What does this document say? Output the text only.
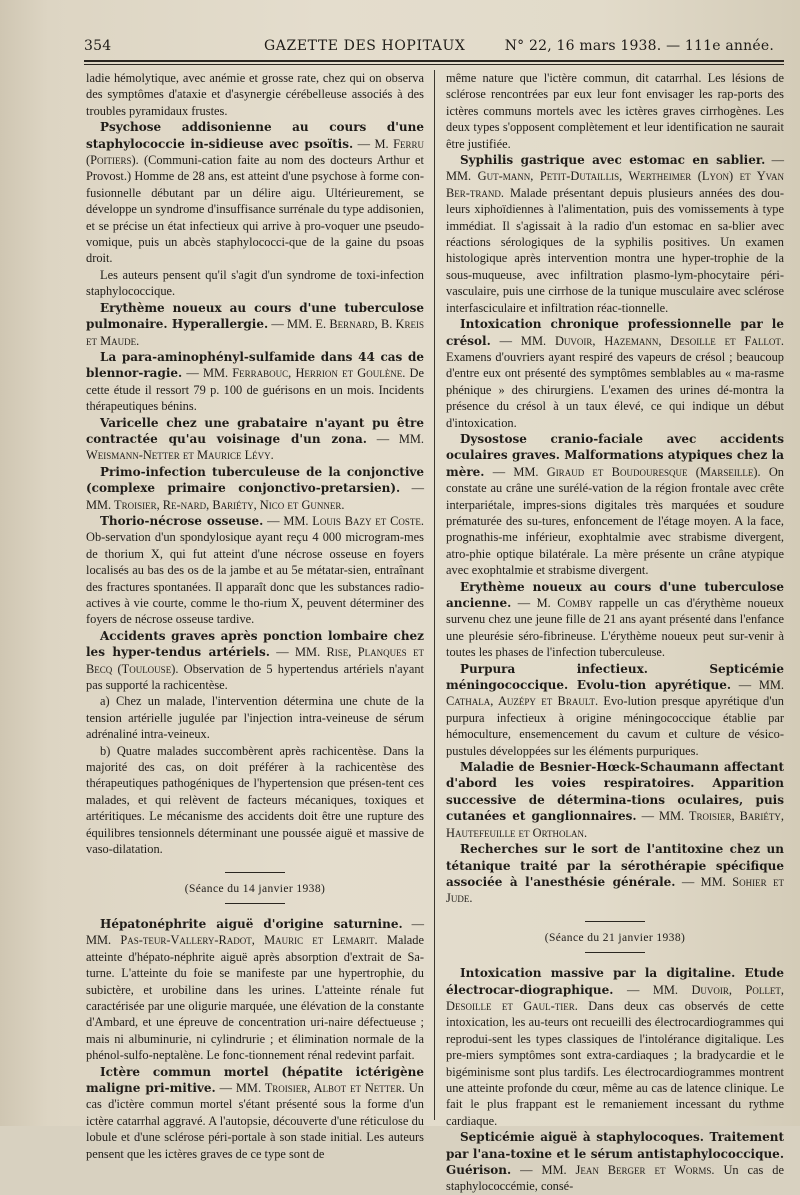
354	GAZETTE DES HOPITAUX	N° 22, 16 mars 1938. — 111e année.

ladie hémolytique, avec anémie et grosse rate, chez qui on observa des symptômes d'ataxie et d'asynergie cérébelleuse associés à des troubles pyramidaux frustes.

Psychose addisonienne au cours d'une staphylococcie in-sidieuse avec psoïtis. — M. Ferru (Poitiers). (Communi-cation faite au nom des docteurs Arthur et Provost.) Homme de 28 ans, est atteint d'une psychose à forme con-fusionnelle débutant par un délire aigu. Ultérieurement, se développe un syndrome d'insuffisance surrénale du type addisonien, et se précise un état infectieux qui arrive à pro-voquer une pseudo-vomique, puis un abcès staphylococci-que de la gaine du psoas droit.

Les auteurs pensent qu'il s'agit d'un syndrome de toxi-infection staphylococcique.

Erythème noueux au cours d'une tuberculose pulmonaire. Hyperallergie. — MM. E. Bernard, B. Kreis et Maude.

La para-aminophényl-sulfamide dans 44 cas de blennor-ragie. — MM. Ferrabouc, Herrion et Goulène. De cette étude il ressort 79 p. 100 de guérisons en un mois. Incidents thérapeutiques bénins.

Varicelle chez une grabataire n'ayant pu être contractée qu'au voisinage d'un zona. — MM. Weismann-Netter et Maurice Lévy.

Primo-infection tuberculeuse de la conjonctive (complexe primaire conjonctivo-pretarsien). — MM. Troisier, Re-nard, Bariéty, Nico et Gunner.

Thorio-nécrose osseuse. — MM. Louis Bazy et Coste. Ob-servation d'un spondylosique ayant reçu 4 000 microgram-mes de thorium X, qui fut atteint d'une nécrose osseuse en foyers localisés au bas des os de la jambe et au 5e métatar-sien, entraînant des fractures spontanées. Il apparaît donc que les substances radio-actives à vie courte, comme le tho-rium X, peuvent déterminer des foyers de nécrose osseuse tardive.

Accidents graves après ponction lombaire chez les hyper-tendus artériels. — MM. Rise, Planques et Becq (Toulouse). Observation de 5 hypertendus artériels n'ayant pas supporté la rachicentèse.

a) Chez un malade, l'intervention détermina une chute de la tension artérielle jugulée par l'injection intra-veineuse de sérum adrénaliné intra-veineux.

b) Quatre malades succombèrent après rachicentèse. Dans la majorité des cas, on doit préférer à la rachicentèse des thérapeutiques pathogéniques de l'hypertension que présen-tent ces malades, et qui relèvent de facteurs mécaniques, toxiques et artéritiques. Le mécanisme des accidents doit être une rupture des équilibres tensionnels déterminant une poussée aiguë et massive de vaso-dilatation.

(Séance du 14 janvier 1938)

Hépatonéphrite aiguë d'origine saturnine. — MM. Pas-teur-Vallery-Radot, Mauric et Lemarit. Malade atteinte d'hépato-néphrite aiguë après absorption d'extrait de Sa-turne. L'atteinte du foie se manifeste par une hypertrophie, du subictère, et urobiline dans les urines. L'atteinte rénale fut caractérisée par une oligurie marquée, une élévation de la constante d'Ambard, et une épreuve de concentration uri-naire défectueuse ; mais ni albuminurie, ni cylindrurie ; et élimination normale de la phénol-sulfo-neptalène. Le fonc-tionnement rénal redevint parfait.

Ictère commun mortel (hépatite ictérigène maligne pri-mitive. — MM. Troisier, Albot et Netter. Un cas d'ictère commun mortel s'étant présenté sous la forme d'un ictère catarrhal aggravé. A l'autopsie, découverte d'une réticulose du lobule et d'une sclérose péri-portale à son stade initial. Les auteurs pensent que les ictères graves de ce type sont de

même nature que l'ictère commun, dit catarrhal. Les lésions de sclérose rencontrées par eux leur font envisager les rap-ports des ictères communs mortels avec les ictères graves cirrhogènes. Les deux types s'opposent complètement et leur identification ne saurait être justifiée.

Syphilis gastrique avec estomac en sablier. — MM. Gut-mann, Petit-Dutaillis, Wertheimer (Lyon) et Yvan Ber-trand. Malade présentant depuis plusieurs années des dou-leurs xiphoïdiennes à l'alimentation, puis des vomissements à type immédiat. Il s'agissait à la radio d'un estomac en sa-blier avec réactions sérologiques de la syphilis positives. Un examen histologique après intervention montra une hyper-trophie de la sous-muqueuse, avec infiltration plasmo-lym-phocytaire péri-vasculaire, puis une cirrhose de la tunique musculaire avec sclérose interfasciculaire et infiltration réac-tionnelle.

Intoxication chronique professionnelle par le crésol. — MM. Duvoir, Hazemann, Desoille et Fallot. Examens d'ouvriers ayant respiré des vapeurs de crésol ; beaucoup d'entre eux ont présenté des symptômes semblables au « ma-rasme phénique » des chirurgiens. L'examen des urines dé-montra la présence du crésol à un taux élevé, ce qui indique un début d'intoxication.

Dysostose cranio-faciale avec accidents oculaires graves. Malformations atypiques chez la mère. — MM. Giraud et Boudouresque (Marseille). On constate au crâne une surélé-vation de la région frontale avec crête interpariétale, impres-sions digitales très marquées et soudure prématurée des su-tures, enfoncement de l'étage moyen. A la face, prognathis-me inférieur, exophtalmie avec strabisme divergent, atro-phie optique bilatérale. La mère présente un crâne atypique avec exophtalmie et strabisme divergent.

Erythème noueux au cours d'une tuberculose ancienne. — M. Comby rappelle un cas d'érythème noueux survenu chez une jeune fille de 21 ans ayant présenté dans l'enfance une pleurésie séro-fibrineuse. L'érythème noueux peut sur-venir à toutes les phases de l'infection tuberculeuse.

Purpura infectieux. Septicémie méningococcique. Evolu-tion apyrétique. — MM. Cathala, Auzépy et Brault. Evo-lution presque apyrétique d'un purpura infectieux à origine méningococcique établie par hémoculture, ensemencement du cavum et culture de vésico-pustules développées sur les éléments purpuriques.

Maladie de Besnier-Hœck-Schaumann affectant d'abord les voies respiratoires. Apparition successive de détermina-tions oculaires, puis cutanées et ganglionnaires. — MM. Troisier, Bariéty, Hautefeuille et Ortholan.

Recherches sur le sort de l'antitoxine chez un tétanique traité par la sérothérapie spécifique associée à l'anesthésie générale. — MM. Sohier et Jude.

(Séance du 21 janvier 1938)

Intoxication massive par la digitaline. Etude électrocar-diographique. — MM. Duvoir, Pollet, Desoille et Gaul-tier. Dans deux cas observés de cette intoxication, les au-teurs ont recueilli des électrocardiogrammes qui reprodui-sent les types classiques de l'intolérance digitalique. Les pre-miers symptômes sont extra-cardiaques ; la bradycardie et le bigéminisme sont plus tardifs. Les électrocardiogrammes montrent une atteinte profonde du cœur, même au cas de latence clinique. Le fait le plus frappant est le remaniement incessant du rythme cardiaque.

Septicémie aiguë à staphylocoques. Traitement par l'ana-toxine et le sérum antistaphylococcique. Guérison. — MM. Jean Berger et Worms. Un cas de staphylococcémie, consé-
